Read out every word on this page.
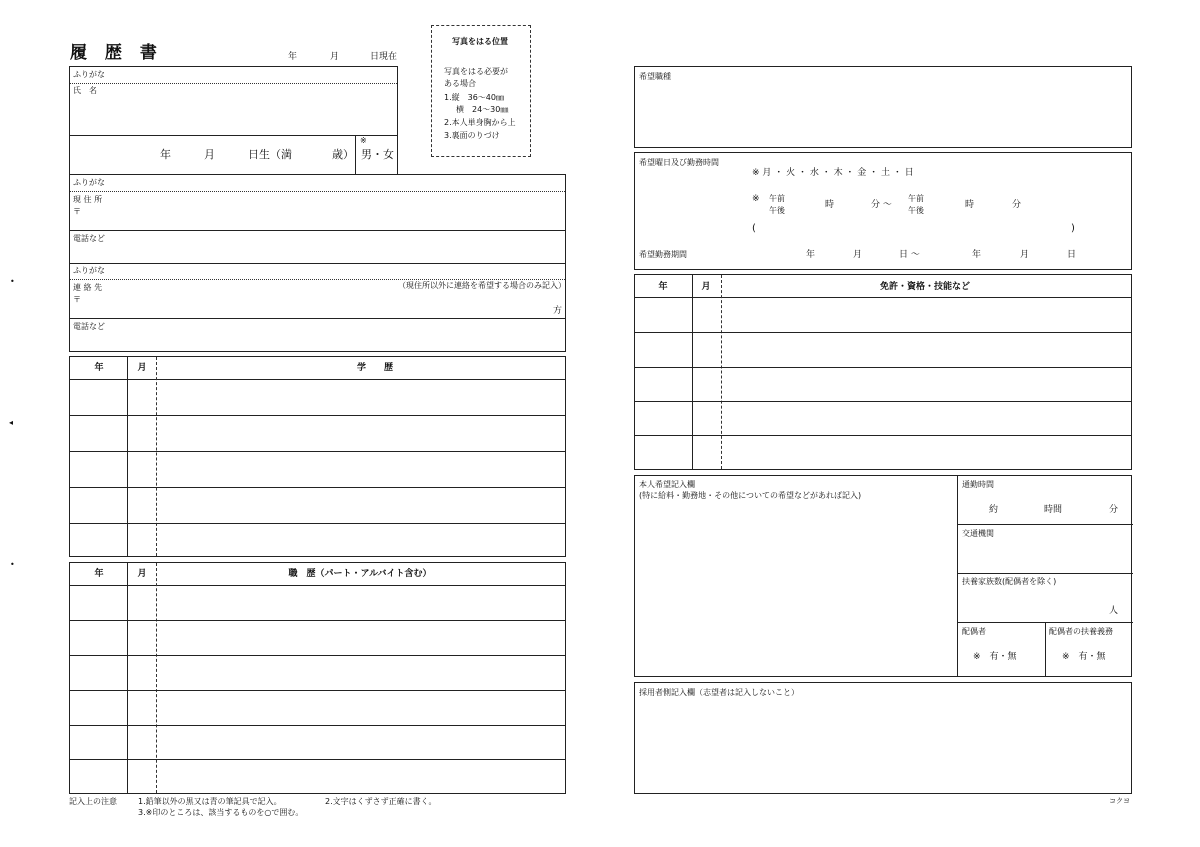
•
◂
•
履 歴 書	年	月	日現在
写真をはる位置
写真をはる必要が
ある場合
1.縦　36～40㎜
横　24～30㎜
2.本人単身胸から上
3.裏面のりづけ
ふりがな
氏　名
年	月	日生（満	歳）
※
男・女
ふりがな
現 住 所
〒
電話など
ふりがな
連 絡 先	（現住所以外に連絡を希望する場合のみ記入）
〒
方
電話など
年	月	学　　歴
年	月	職　歴（パート・アルバイト含む）
記入上の注意	1.鉛筆以外の黒又は青の筆記具で記入。	2.文字はくずさず正確に書く。
3.※印のところは、該当するものを○で囲む。
希望職種
希望曜日及び勤務時間
※ 月 ・ 火 ・ 水 ・ 木 ・ 金 ・ 土 ・ 日
※ 午前
午後
時	分 ～
午前
午後
時	分
(	)
希望勤務期間	年	月	日 ～	年	月	日
年	月	免許・資格・技能など
本人希望記入欄
(特に給料・勤務地・その他についての希望などがあれば記入)
通勤時間
約	時間	分
交通機関
扶養家族数(配偶者を除く)
人
配偶者
※　有・無
配偶者の扶養義務
※　有・無
採用者側記入欄（志望者は記入しないこと）
コクヨ
